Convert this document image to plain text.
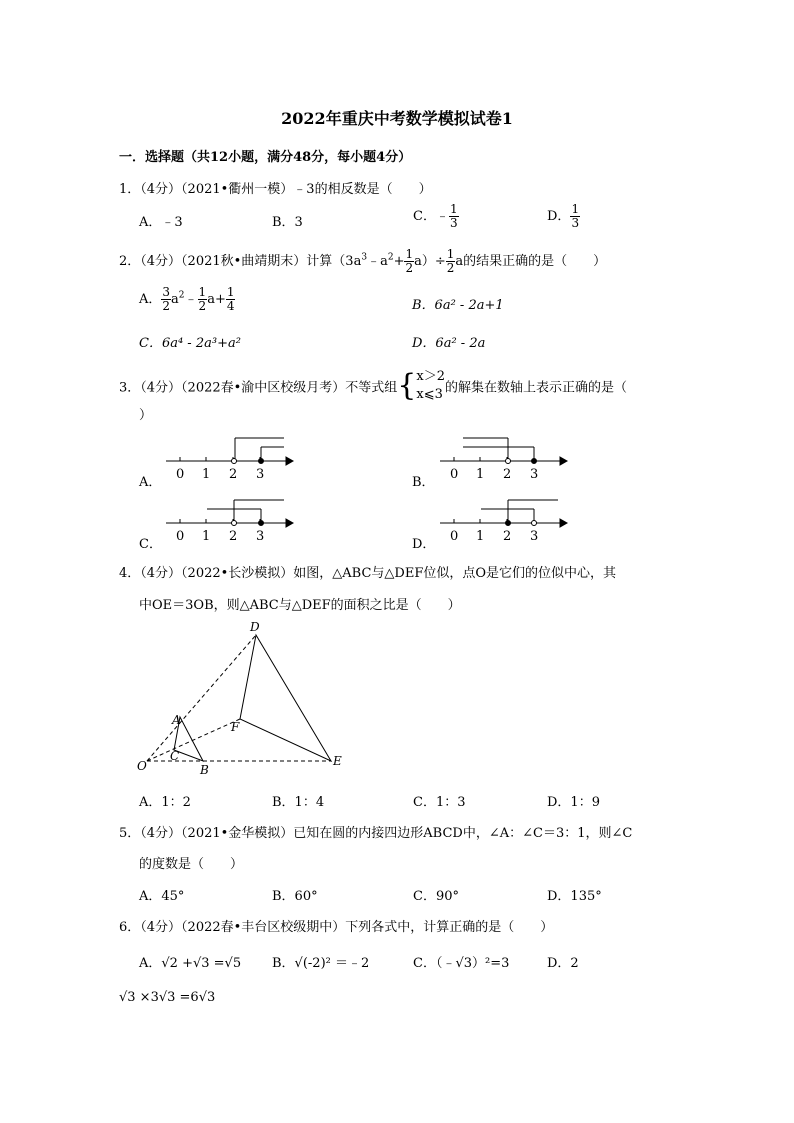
2022年重庆中考数学模拟试卷1
一．选择题（共12小题，满分48分，每小题4分）
1．（4分）（2021•衢州一模）﹣3的相反数是（　　）
A．﹣3	B．3	C．﹣ $\frac{1}{3}$	D． $\frac{1}{3}$
2．（4分）（2021秋•曲靖期末）计算$(3a^3﹣a^2+ \frac{1}{2} a)\div \frac{1}{2}$ a的结果正确的是（　　）
A． $\frac{3}{2}$ $a^2﹣ \frac{1}{2} a+ \frac{1}{4}$	B．6a² - 2a+1
C．6a⁴ - 2a³+a²	D．6a² - 2a
3．（4分）（2022春•渝中区校级月考）不等式组{ x＞2
x⩽3 的解集在数轴上表示正确的是（
）
A．	B．
C．	D．
0 1 2 3	0 1 2 3
0 1 2 3	0 1 2 3
4．（4分）（2022•长沙模拟）如图，△ABC与△DEF位似，点O是它们的位似中心，其
中OE＝3OB，则△ABC与△DEF的面积之比是（　　）
D
A	F
O
C
B
E
A．1：2	B．1：4	C．1：3	D．1：9
5．（4分）（2021•金华模拟）已知在圆的内接四边形ABCD中，∠A：∠C＝3：1，则∠C
的度数是（　　）
A．45°	B．60°	C．90°	D．135°
6．（4分）（2022春•丰台区校级期中）下列各式中，计算正确的是（　　）
A．√2 +√3 =√5 B．√(-2)² ＝﹣2	C．（﹣√3）²=3	D．2
√3 ×3√3 =6√3
